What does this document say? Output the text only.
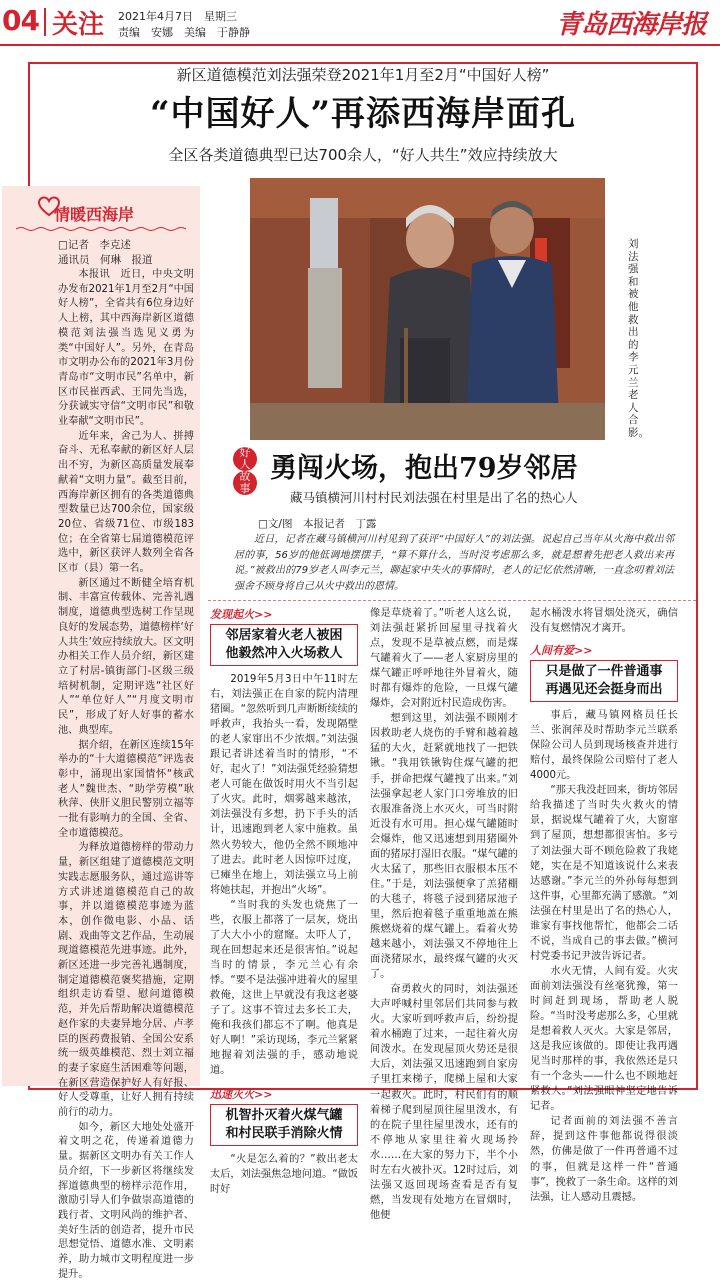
04 关注 2021年4月7日　星期三
责编　安娜　美编　于静静	青岛西海岸报
新区道德模范刘法强荣登2021年1月至2月“中国好人榜”
“中国好人”再添西海岸面孔
全区各类道德典型已达700余人，“好人共生”效应持续放大
情暖西海岸
□记者　李克述
通讯员　何琳　报道

本报讯　近日，中央文明办发布2021年1月至2月“中国好人榜”，全省共有6位身边好人上榜，其中西海岸新区道德模范刘法强当选见义勇为类“中国好人”。另外，在青岛市文明办公布的2021年3月份青岛市“文明市民”名单中，新区市民崔西武、王同先当选，分获诚实守信“文明市民”和敬业奉献“文明市民”。

近年来，舍己为人、拼搏奋斗、无私奉献的新区好人层出不穷，为新区高质量发展奉献着“文明力量”。截至目前，西海岸新区拥有的各类道德典型数量已达700余位，国家级20位、省级71位、市级183位；在全省第七届道德模范评选中，新区获评人数列全省各区市（县）第一名。

新区通过不断健全培育机制、丰富宣传载体、完善礼遇制度，道德典型选树工作呈现良好的发展态势，道德榜样‘好人共生’效应持续放大。区文明办相关工作人员介绍，新区建立了村居-镇街部门-区级三级培树机制，定期评选“社区好人”“单位好人”“月度文明市民”，形成了好人好事的蓄水池、典型库。

据介绍，在新区连续15年举办的“十大道德模范”评选表彰中，涌现出家国情怀“核武老人”魏世杰、“助学劳模”耿秋萍、侠肝义胆民警别立福等一批有影响力的全国、全省、全市道德模范。

为释放道德榜样的带动力量，新区组建了道德模范文明实践志愿服务队，通过巡讲等方式讲述道德模范自己的故事，并以道德模范事迹为蓝本，创作微电影、小品、话剧、戏曲等文艺作品，生动展现道德模范先进事迹。此外，新区还进一步完善礼遇制度，制定道德模范褒奖措施，定期组织走访看望、慰问道德模范，并先后帮助解决道德模范赵作家的夫妻异地分居、卢孝臣的医药费报销、全国公安系统一级英雄模范、烈士刘立福的妻子家庭生活困难等问题，在新区营造保护好人有好报、好人受尊重，让好人拥有持续前行的动力。

如今，新区大地处处盛开着文明之花，传递着道德力量。据新区文明办有关工作人员介绍，下一步新区将继续发挥道德典型的榜样示范作用，激励引导人们争做崇高道德的践行者、文明风尚的维护者、美好生活的创造者，提升市民思想觉悟、道德水准、文明素养，助力城市文明程度进一步提升。

刘法强和被他救出的李元兰老人合影。
好人故事
勇闯火场，抱出79岁邻居
藏马镇横河川村村民刘法强在村里是出了名的热心人
□文/图　本报记者　丁露
近日，记者在藏马镇横河川村见到了获评“中国好人”的刘法强。说起自己当年从火海中救出邻居的事，56岁的他低调地摆摆手，“算不算什么，当时没考虑那么多，就是想着先把老人救出来再说。”被救出的79岁老人叫李元兰，聊起家中失火的事情时，老人的记忆依然清晰，一直念叨着刘法强舍不顾身将自己从火中救出的恩情。
发现起火>>
邻居家着火老人被困
他毅然冲入火场救人

2019年5月3日中午11时左右，刘法强正在自家的院内清理猪圈。“忽然听到几声断断续续的呼救声，我抬头一看，发现隔壁的老人家窜出不少浓烟。”刘法强跟记者讲述着当时的情形，“不好，起火了！”刘法强凭经验猜想老人可能在做饭时用火不当引起了火灾。此时，烟雾越来越浓，刘法强没有多想，扔下手头的活计，迅速跑到老人家中施救。虽然火势较大，他仍全然不顾地冲了进去。此时老人因惊吓过度，已瘫坐在地上，刘法强立马上前将她扶起，并抱出“火场”。

“当时我的头发也烧焦了一些，衣服上都落了一层灰，烧出了大大小小的窟窿。太吓人了，现在回想起来还是很害怕。”说起当时的情景，李元兰心有余悸。“要不是法强冲进着火的屋里救俺，这世上早就没有我这老婆子了。这事不管过去多长工夫，俺和我孩们都忘不了啊。他真是好人啊！”采访现场，李元兰紧紧地握着刘法强的手，感动地说道。

迅速灭火>>
机智扑灭着火煤气罐
和村民联手消除火情

“火是怎么着的？”救出老太太后，刘法强焦急地问道。“做饭时好

像是草烧着了。”听老人这么说，刘法强赶紧折回屋里寻找着火点，发现不是草被点燃，而是煤气罐着火了——老人家厨房里的煤气罐正呼呼地往外冒着火，随时都有爆炸的危险，一旦煤气罐爆炸，会对附近村民造成伤害。

想到这里，刘法强不顾刚才因救助老人烧伤的手臂和越着越猛的大火，赶紧就地找了一把铁锹。“我用铁锹钩住煤气罐的把手，拼命把煤气罐拽了出来。”刘法强拿起老人家门口旁堆放的旧衣服准备浇上水灭火，可当时附近没有水可用。担心煤气罐随时会爆炸，他又迅速想到用猪圈外面的猪尿打湿旧衣服。“煤气罐的火太猛了，那些旧衣服根本压不住。”于是，刘法强便拿了羔猪棚的大毯子，将毯子浸到猪尿池子里，然后抱着毯子重重地盖在熊熊燃烧着的煤气罐上。看着火势越来越小，刘法强又不停地往上面浇猪尿水，最终煤气罐的火灭了。

奋勇救火的同时，刘法强还大声呼喊村里邻居们共同参与救火。大家听到呼救声后，纷纷提着水桶跑了过来，一起往着火房间泼水。在发现屋顶火势还是很大后，刘法强又迅速跑到自家房子里扛来梯子，爬梯上屋和大家一起救火。此时，村民们有的顺着梯子爬到屋顶往屋里泼水，有的在院子里往屋里泼水，还有的不停地从家里往着火现场拎水……在大家的努力下，半个小时左右火被扑灭。12时过后，刘法强又返回现场查看是否有复燃，当发现有处地方在冒烟时，他便

起水桶泼水将冒烟处浇灭，确信没有复燃情况才离开。

人间有爱>>
只是做了一件普通事
再遇见还会挺身而出

事后，藏马镇网格员任长兰、张润萍及时帮助李元兰联系保险公司人员到现场核查并进行赔付，最终保险公司赔付了老人4000元。

“那天我没赶回来，街坊邻居给我描述了当时失火救火的情景，据说煤气罐着了火，大窗窜到了屋顶，想想都很害怕。多亏了刘法强大哥不顾危险救了我姥姥，实在是不知道该说什么来表达感谢。”李元兰的外孙每每想到这件事，心里都充满了感激。“刘法强在村里是出了名的热心人，谁家有事找他帮忙，他都会二话不说，当成自己的事去做。”横河村党委书记尹波告诉记者。

水火无情，人间有爱。火灾面前刘法强没有丝毫犹豫，第一时间赶到现场，帮助老人脱险。“当时没考虑那么多，心里就是想着救人灭火。大家是邻居，这是我应该做的。即使让我再遇见当时那样的事，我依然还是只有一个念头——什么也不顾地赶紧救人。”刘法强眼神坚定地告诉记者。

记者面前的刘法强不善言辞，提到这件事他都说得很淡然，仿佛是做了一件再普通不过的事，但就是这样一件“普通事”，挽救了一条生命。这样的刘法强，让人感动且震撼。
